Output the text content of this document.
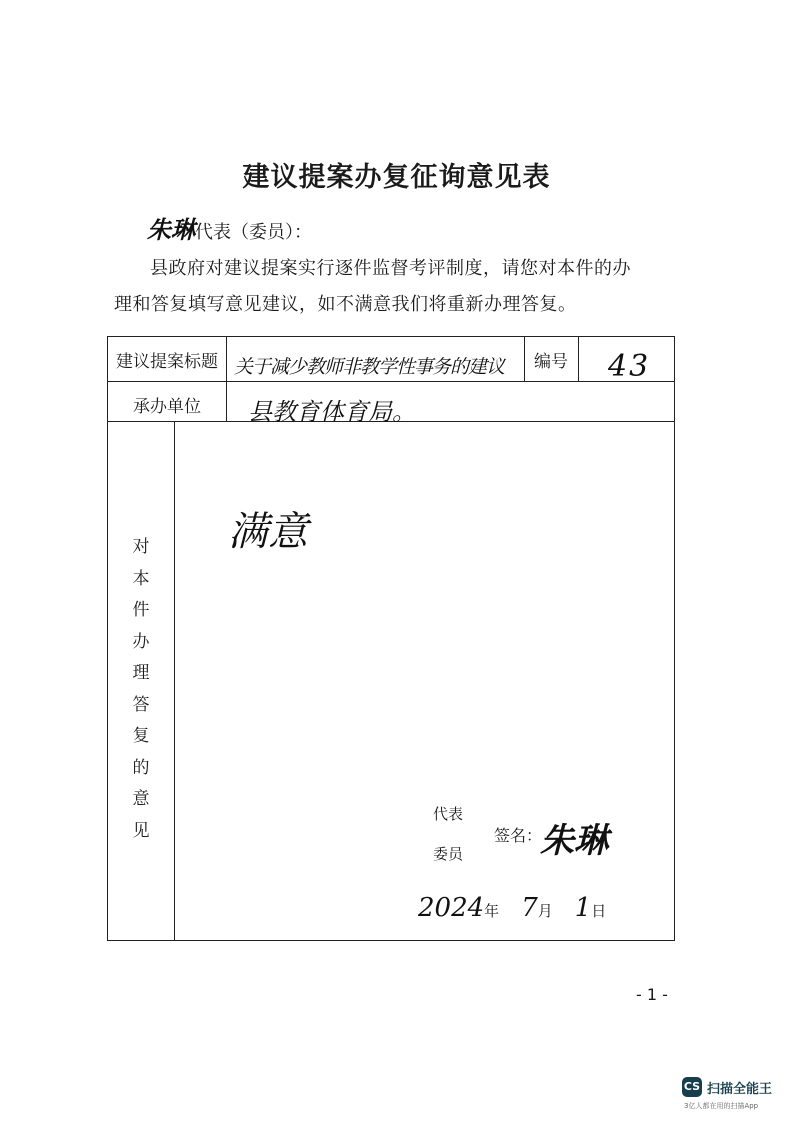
建议提案办复征询意见表
朱琳代表（委员）：
县政府对建议提案实行逐件监督考评制度，请您对本件的办
理和答复填写意见建议，如不满意我们将重新办理答复。
建议提案标题 关于减少教师非教学性事务的建议	编号 43
承办单位	县教育体育局。
对
本
件
办
理
答
复
的
意
见
满意
代表
委员
签名：
朱琳
2024年 7月 1日
- 1 -
CS 扫描全能王
3亿人都在用的扫描App
